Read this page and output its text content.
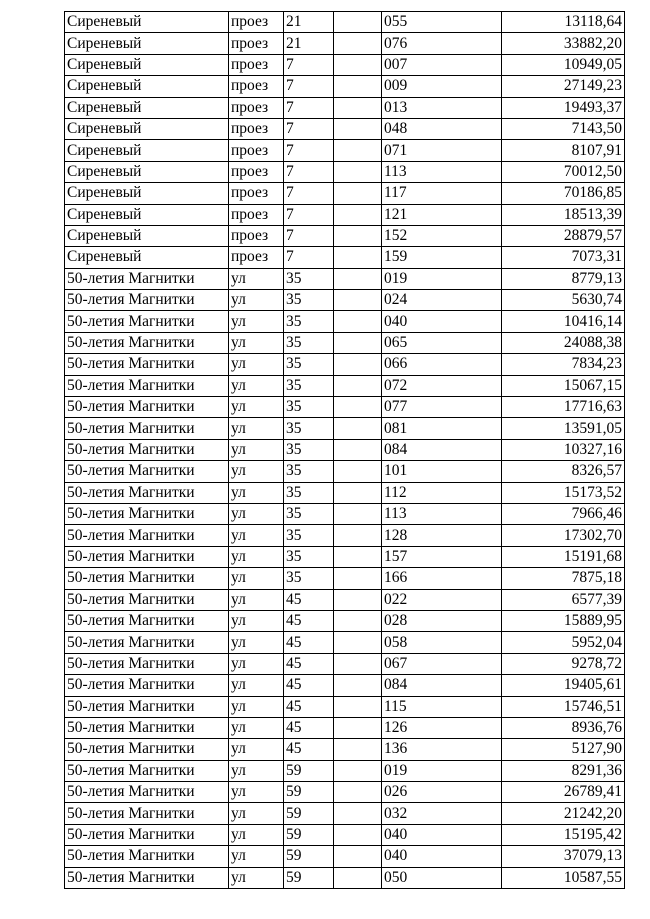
Сиреневый	проез	21		055	13118,64
Сиреневый	проез	21		076	33882,20
Сиреневый	проез	7		007	10949,05
Сиреневый	проез	7		009	27149,23
Сиреневый	проез	7		013	19493,37
Сиреневый	проез	7		048	7143,50
Сиреневый	проез	7		071	8107,91
Сиреневый	проез	7		113	70012,50
Сиреневый	проез	7		117	70186,85
Сиреневый	проез	7		121	18513,39
Сиреневый	проез	7		152	28879,57
Сиреневый	проез	7		159	7073,31
50-летия Магнитки	ул	35		019	8779,13
50-летия Магнитки	ул	35		024	5630,74
50-летия Магнитки	ул	35		040	10416,14
50-летия Магнитки	ул	35		065	24088,38
50-летия Магнитки	ул	35		066	7834,23
50-летия Магнитки	ул	35		072	15067,15
50-летия Магнитки	ул	35		077	17716,63
50-летия Магнитки	ул	35		081	13591,05
50-летия Магнитки	ул	35		084	10327,16
50-летия Магнитки	ул	35		101	8326,57
50-летия Магнитки	ул	35		112	15173,52
50-летия Магнитки	ул	35		113	7966,46
50-летия Магнитки	ул	35		128	17302,70
50-летия Магнитки	ул	35		157	15191,68
50-летия Магнитки	ул	35		166	7875,18
50-летия Магнитки	ул	45		022	6577,39
50-летия Магнитки	ул	45		028	15889,95
50-летия Магнитки	ул	45		058	5952,04
50-летия Магнитки	ул	45		067	9278,72
50-летия Магнитки	ул	45		084	19405,61
50-летия Магнитки	ул	45		115	15746,51
50-летия Магнитки	ул	45		126	8936,76
50-летия Магнитки	ул	45		136	5127,90
50-летия Магнитки	ул	59		019	8291,36
50-летия Магнитки	ул	59		026	26789,41
50-летия Магнитки	ул	59		032	21242,20
50-летия Магнитки	ул	59		040	15195,42
50-летия Магнитки	ул	59		040	37079,13
50-летия Магнитки	ул	59		050	10587,55
